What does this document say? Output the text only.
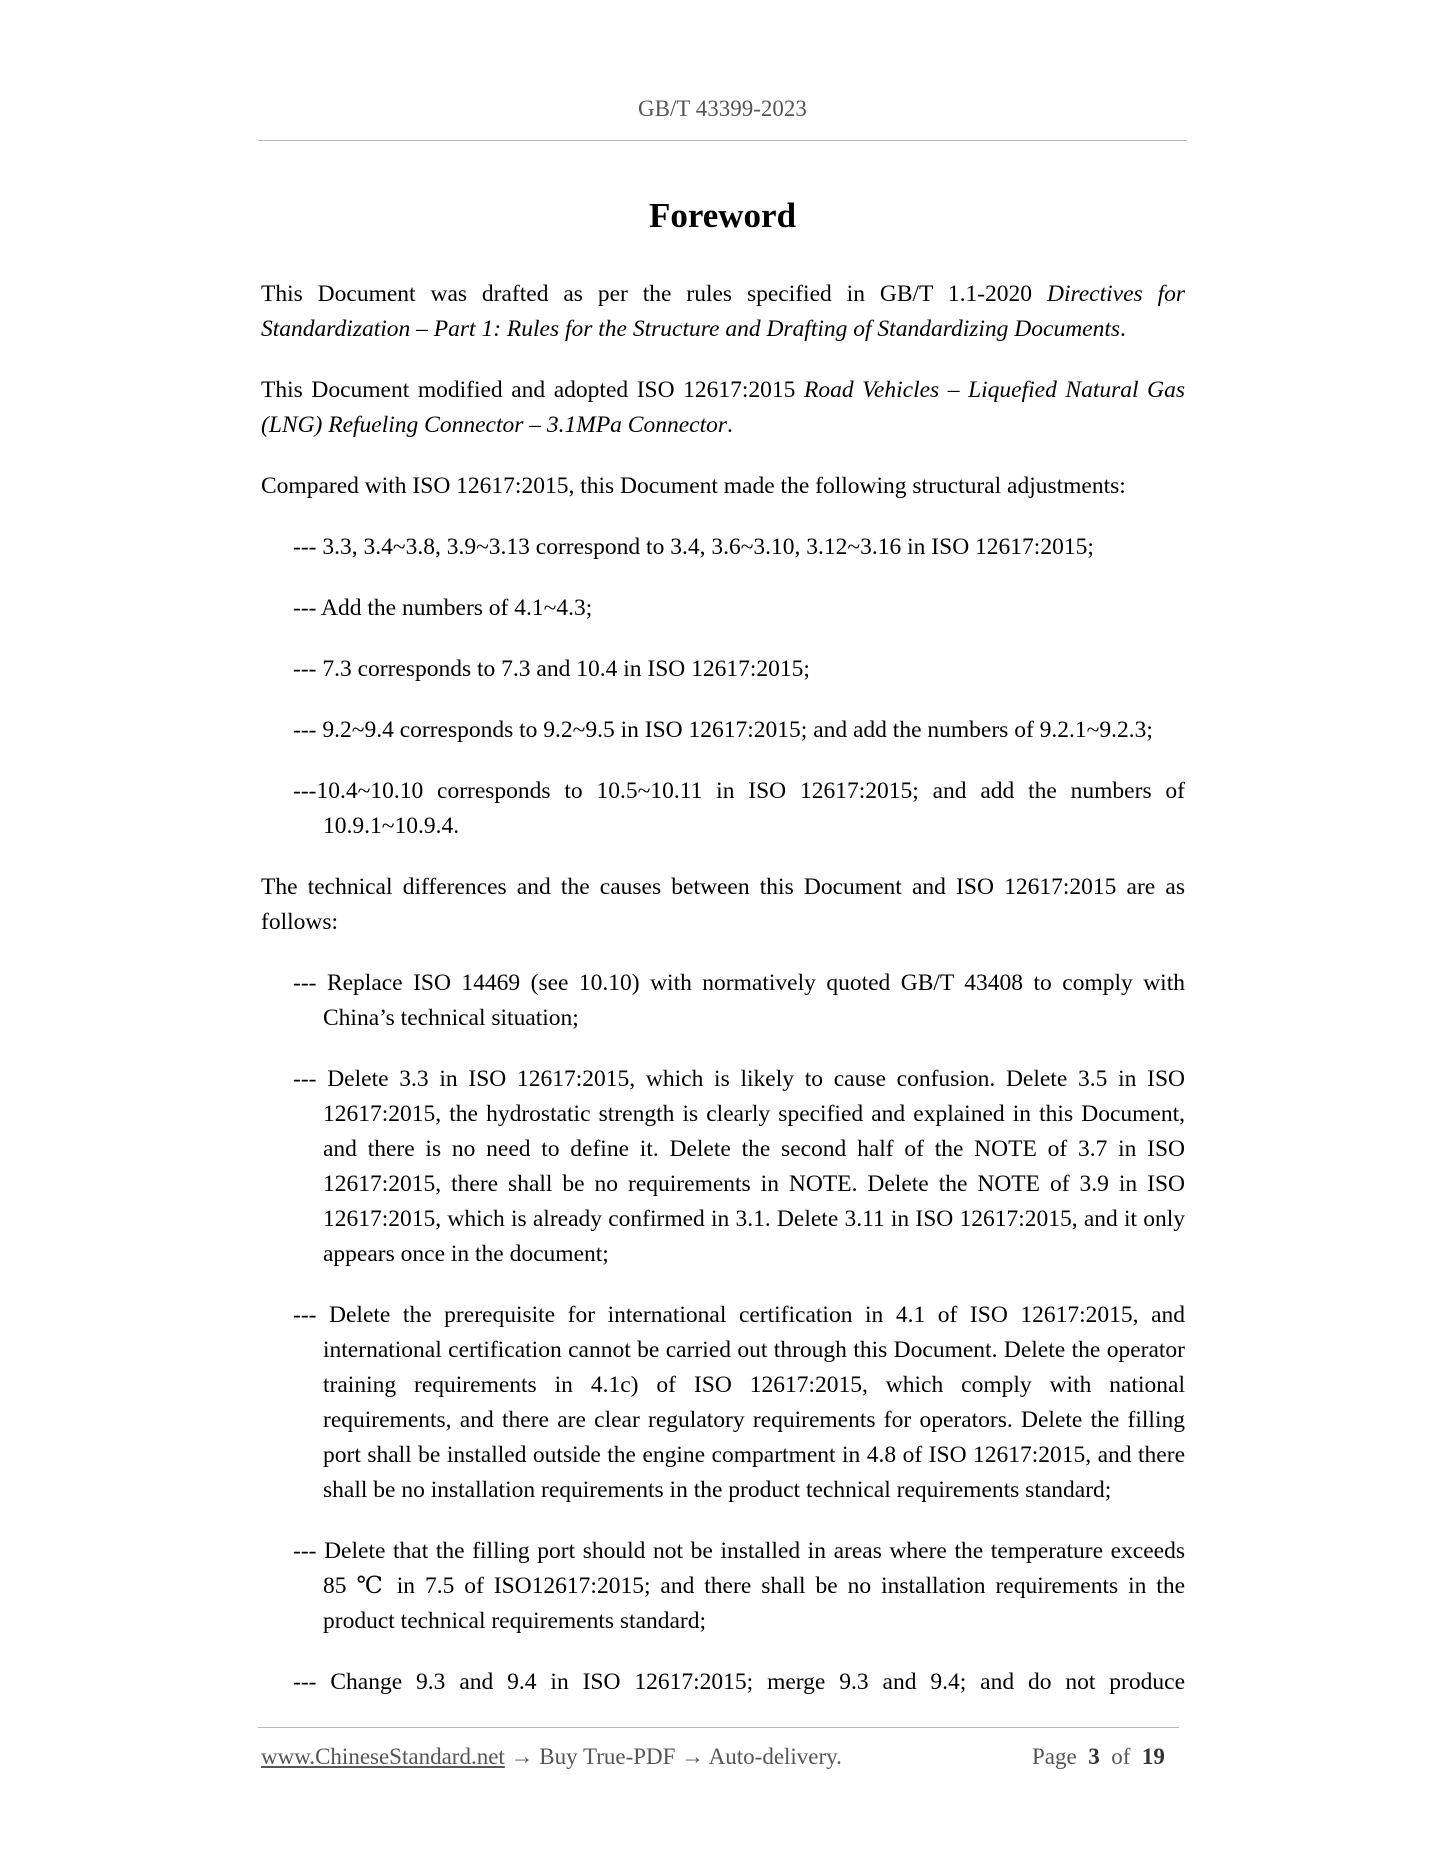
GB/T 43399-2023
Foreword

This Document was drafted as per the rules specified in GB/T 1.1-2020 Directives for Standardization – Part 1: Rules for the Structure and Drafting of Standardizing Documents.

This Document modified and adopted ISO 12617:2015 Road Vehicles – Liquefied Natural Gas (LNG) Refueling Connector – 3.1MPa Connector.

Compared with ISO 12617:2015, this Document made the following structural adjustments:

--- 3.3, 3.4~3.8, 3.9~3.13 correspond to 3.4, 3.6~3.10, 3.12~3.16 in ISO 12617:2015;

--- Add the numbers of 4.1~4.3;

--- 7.3 corresponds to 7.3 and 10.4 in ISO 12617:2015;

--- 9.2~9.4 corresponds to 9.2~9.5 in ISO 12617:2015; and add the numbers of 9.2.1~9.2.3;

---10.4~10.10 corresponds to 10.5~10.11 in ISO 12617:2015; and add the numbers of 10.9.1~10.9.4.

The technical differences and the causes between this Document and ISO 12617:2015 are as follows:

--- Replace ISO 14469 (see 10.10) with normatively quoted GB/T 43408 to comply with China’s technical situation;

--- Delete 3.3 in ISO 12617:2015, which is likely to cause confusion. Delete 3.5 in ISO 12617:2015, the hydrostatic strength is clearly specified and explained in this Document, and there is no need to define it. Delete the second half of the NOTE of 3.7 in ISO 12617:2015, there shall be no requirements in NOTE. Delete the NOTE of 3.9 in ISO 12617:2015, which is already confirmed in 3.1. Delete 3.11 in ISO 12617:2015, and it only appears once in the document;

--- Delete the prerequisite for international certification in 4.1 of ISO 12617:2015, and international certification cannot be carried out through this Document. Delete the operator training requirements in 4.1c) of ISO 12617:2015, which comply with national requirements, and there are clear regulatory requirements for operators. Delete the filling port shall be installed outside the engine compartment in 4.8 of ISO 12617:2015, and there shall be no installation requirements in the product technical requirements standard;

--- Delete that the filling port should not be installed in areas where the temperature exceeds 85 ℃ in 7.5 of ISO12617:2015; and there shall be no installation requirements in the product technical requirements standard;

--- Change 9.3 and 9.4 in ISO 12617:2015; merge 9.3 and 9.4; and do not produce

www.ChineseStandard.net → Buy True-PDF → Auto-delivery.	Page 3 of 19
